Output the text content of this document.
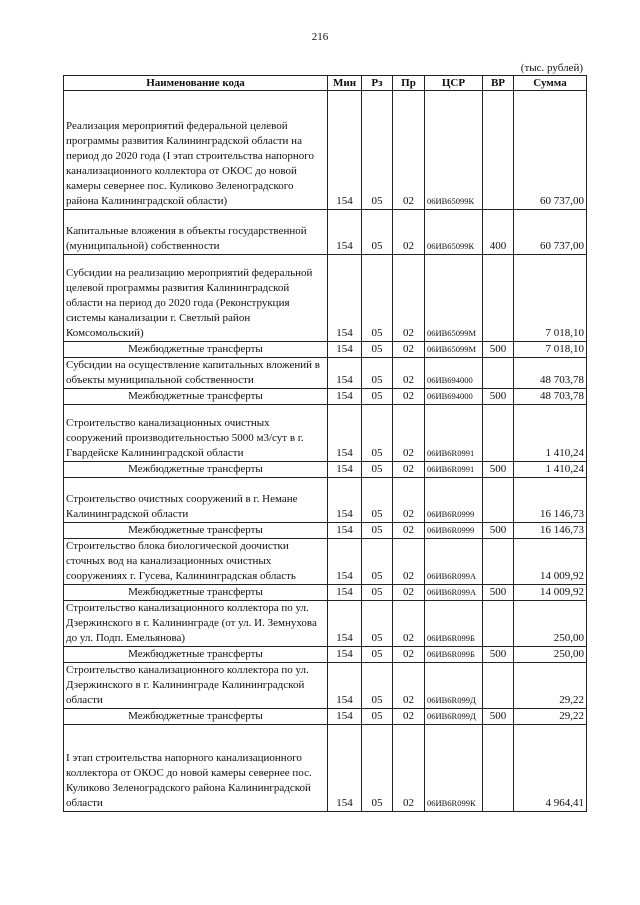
216
(тыс. рублей)
Наименование кода	Мин	Рз	Пр	ЦСР	ВР	Сумма

Реализация мероприятий федеральной целевой программы развития Калининградской области на период до 2020 года (I этап строительства напорного канализационного коллектора от ОКОС до новой камеры севернее пос. Куликово Зеленоградского района Калининградской области)	154	05	02	06ИВ65099К		60 737,00

Капитальные вложения в объекты государственной (муниципальной) собственности	154	05	02	06ИВ65099К	400	60 737,00

Субсидии на реализацию мероприятий федеральной целевой программы развития Калининградской области на период до 2020 года (Реконструкция системы канализации г. Светлый район Комсомольский)	154	05	02	06ИВ65099М		7 018,10
Межбюджетные трансферты	154	05	02	06ИВ65099М	500	7 018,10

Субсидии на осуществление капитальных вложений в объекты муниципальной собственности	154	05	02	06ИВ694000		48 703,78
Межбюджетные трансферты	154	05	02	06ИВ694000	500	48 703,78

Строительство канализационных очистных сооружений производительностью 5000 м3/сут в г. Гвардейске Калининградской области	154	05	02	06ИВ6R0991		1 410,24
Межбюджетные трансферты	154	05	02	06ИВ6R0991	500	1 410,24

Строительство очистных сооружений в г. Немане Калининградской области	154	05	02	06ИВ6R0999		16 146,73
Межбюджетные трансферты	154	05	02	06ИВ6R0999	500	16 146,73

Строительство блока биологической доочистки сточных вод на канализационных очистных сооружениях г. Гусева, Калининградская область	154	05	02	06ИВ6R099А		14 009,92
Межбюджетные трансферты	154	05	02	06ИВ6R099А	500	14 009,92

Строительство канализационного коллектора по ул. Дзержинского в г. Калининграде (от ул. И. Земнухова до ул. Подп. Емельянова)	154	05	02	06ИВ6R099Б		250,00
Межбюджетные трансферты	154	05	02	06ИВ6R099Б	500	250,00

Строительство канализационного коллектора по ул. Дзержинского в г. Калининграде Калининградской области	154	05	02	06ИВ6R099Д		29,22
Межбюджетные трансферты	154	05	02	06ИВ6R099Д	500	29,22

I этап строительства напорного канализационного коллектора от ОКОС до новой камеры севернее пос. Куликово Зеленоградского района Калининградской области	154	05	02	06ИВ6R099К		4 964,41
